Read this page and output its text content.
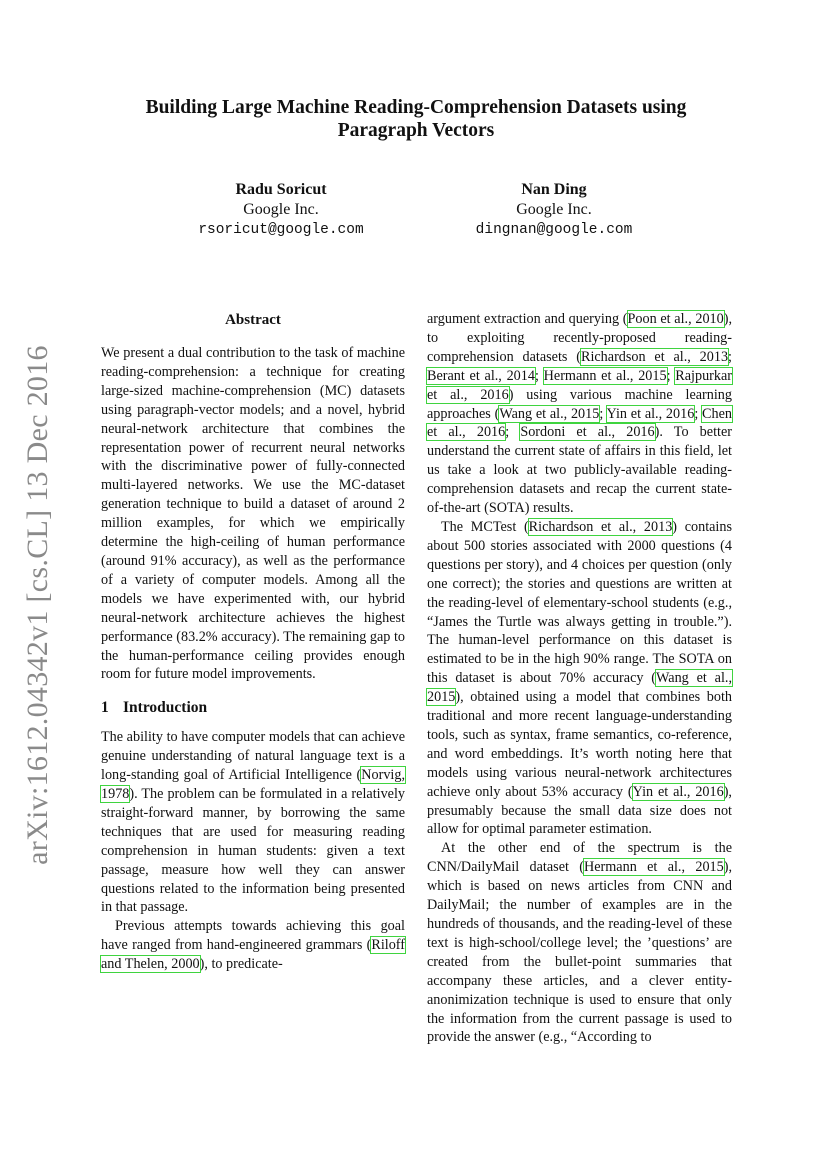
arXiv:1612.04342v1 [cs.CL] 13 Dec 2016
Building Large Machine Reading-Comprehension Datasets using Paragraph Vectors
Radu Soricut
Google Inc.
rsoricut@google.com
Nan Ding
Google Inc.
dingnan@google.com
Abstract

We present a dual contribution to the task of machine reading-comprehension: a technique for creating large-sized machine-comprehension (MC) datasets using paragraph-vector models; and a novel, hybrid neural-network architecture that combines the representation power of recurrent neural networks with the discriminative power of fully-connected multi-layered networks. We use the MC-dataset generation technique to build a dataset of around 2 million examples, for which we empirically determine the high-ceiling of human performance (around 91% accuracy), as well as the performance of a variety of computer models. Among all the models we have experimented with, our hybrid neural-network architecture achieves the highest performance (83.2% accuracy). The remaining gap to the human-performance ceiling provides enough room for future model improvements.

1 Introduction

The ability to have computer models that can achieve genuine understanding of natural language text is a long-standing goal of Artificial Intelligence (Norvig, 1978). The problem can be formulated in a relatively straight-forward manner, by borrowing the same techniques that are used for measuring reading comprehension in human students: given a text passage, measure how well they can answer questions related to the information being presented in that passage.

Previous attempts towards achieving this goal have ranged from hand-engineered grammars (Riloff and Thelen, 2000), to predicate-

argument extraction and querying (Poon et al., 2010), to exploiting recently-proposed reading-comprehension datasets (Richardson et al., 2013; Berant et al., 2014; Hermann et al., 2015; Rajpurkar et al., 2016) using various machine learning approaches (Wang et al., 2015; Yin et al., 2016; Chen et al., 2016; Sordoni et al., 2016). To better understand the current state of affairs in this field, let us take a look at two publicly-available reading-comprehension datasets and recap the current state-of-the-art (SOTA) results.

The MCTest (Richardson et al., 2013) contains about 500 stories associated with 2000 questions (4 questions per story), and 4 choices per question (only one correct); the stories and questions are written at the reading-level of elementary-school students (e.g., “James the Turtle was always getting in trouble.”). The human-level performance on this dataset is estimated to be in the high 90% range. The SOTA on this dataset is about 70% accuracy (Wang et al., 2015), obtained using a model that combines both traditional and more recent language-understanding tools, such as syntax, frame semantics, co-reference, and word embeddings. It’s worth noting here that models using various neural-network architectures achieve only about 53% accuracy (Yin et al., 2016), presumably because the small data size does not allow for optimal parameter estimation.

At the other end of the spectrum is the CNN/DailyMail dataset (Hermann et al., 2015), which is based on news articles from CNN and DailyMail; the number of examples are in the hundreds of thousands, and the reading-level of these text is high-school/college level; the ’questions’ are created from the bullet-point summaries that accompany these articles, and a clever entity-anonimization technique is used to ensure that only the information from the current passage is used to provide the answer (e.g., “According to
